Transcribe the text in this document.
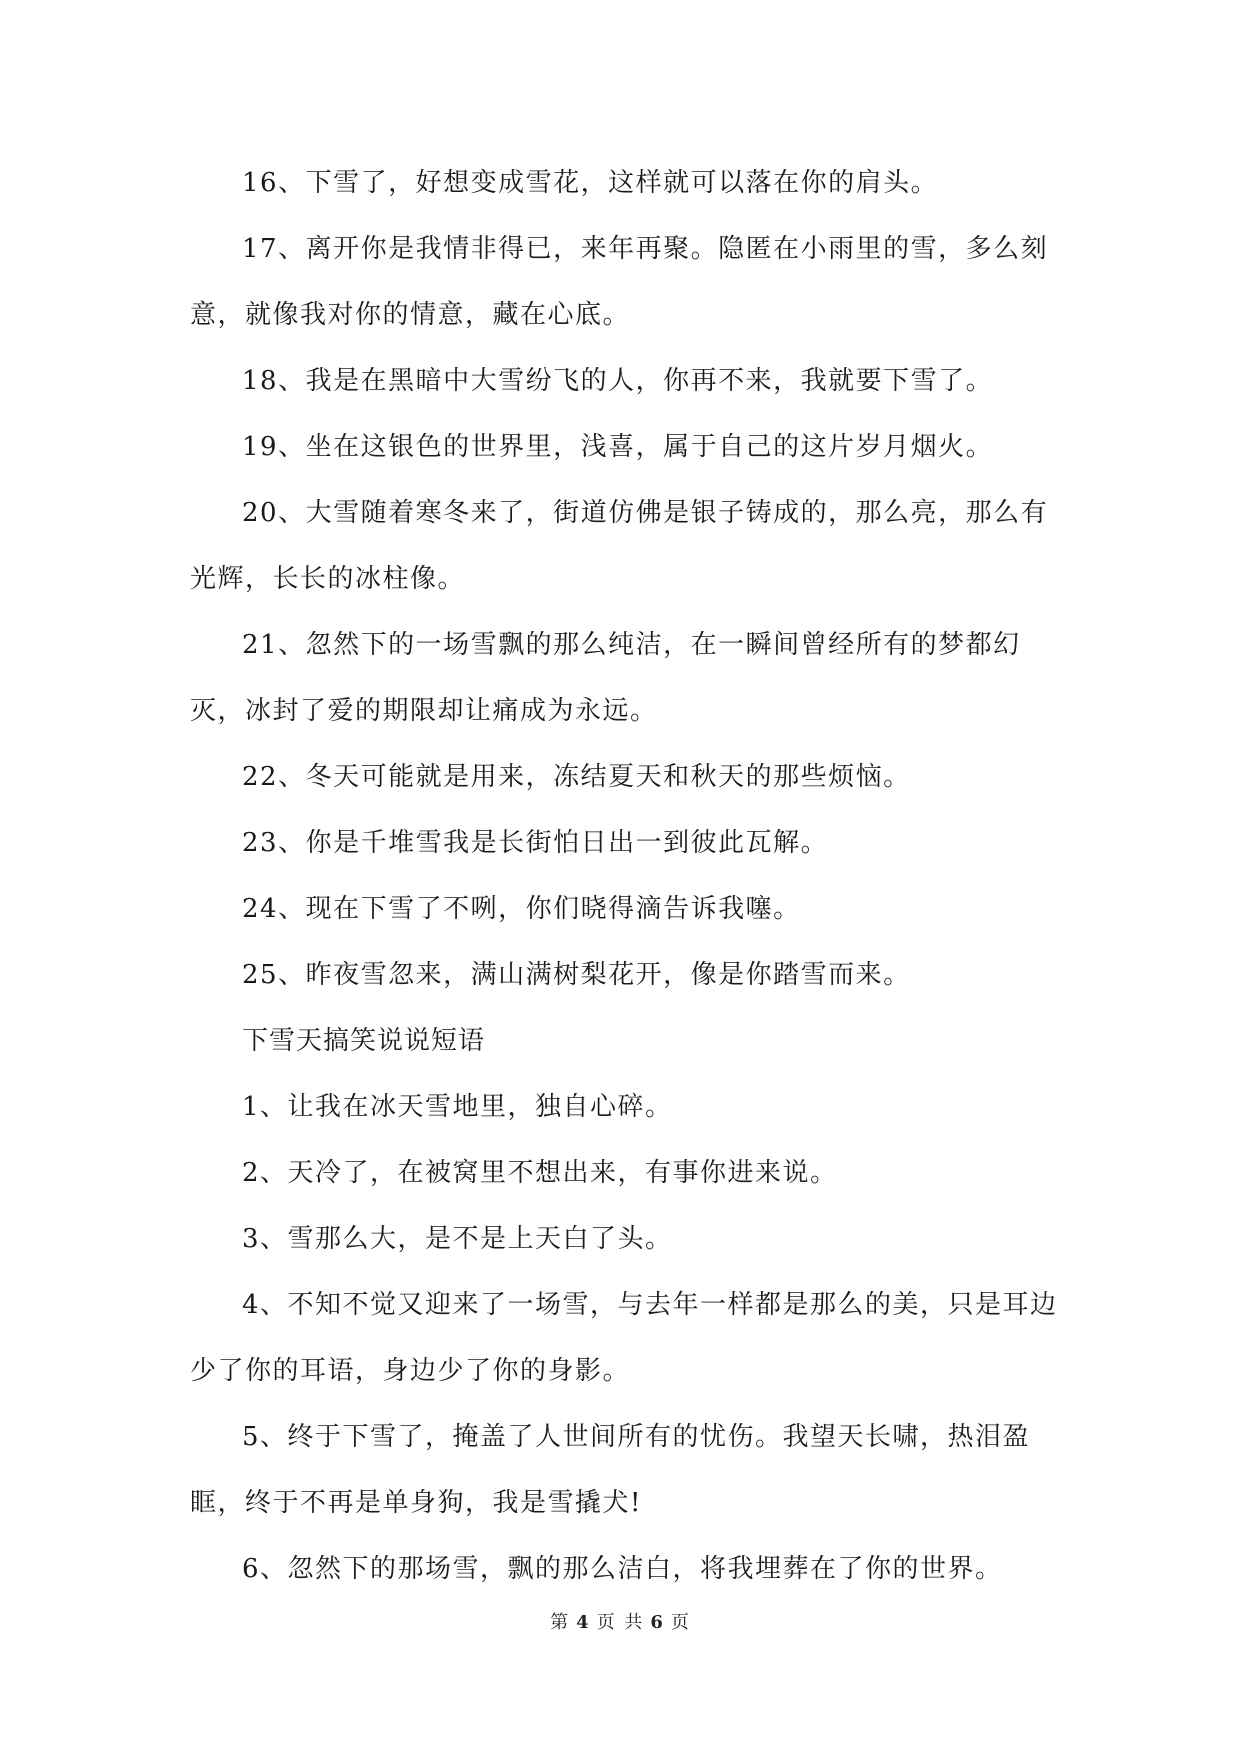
16、下雪了，好想变成雪花，这样就可以落在你的肩头。

17、离开你是我情非得已，来年再聚。隐匿在小雨里的雪，多么刻意，就像我对你的情意，藏在心底。

18、我是在黑暗中大雪纷飞的人，你再不来，我就要下雪了。

19、坐在这银色的世界里，浅喜，属于自己的这片岁月烟火。

20、大雪随着寒冬来了，街道仿佛是银子铸成的，那么亮，那么有光辉，长长的冰柱像。

21、忽然下的一场雪飘的那么纯洁，在一瞬间曾经所有的梦都幻灭，冰封了爱的期限却让痛成为永远。

22、冬天可能就是用来，冻结夏天和秋天的那些烦恼。

23、你是千堆雪我是长街怕日出一到彼此瓦解。

24、现在下雪了不咧，你们晓得滴告诉我噻。

25、昨夜雪忽来，满山满树梨花开，像是你踏雪而来。

下雪天搞笑说说短语

1、让我在冰天雪地里，独自心碎。

2、天冷了，在被窝里不想出来，有事你进来说。

3、雪那么大，是不是上天白了头。

4、不知不觉又迎来了一场雪，与去年一样都是那么的美，只是耳边少了你的耳语，身边少了你的身影。

5、终于下雪了，掩盖了人世间所有的忧伤。我望天长啸，热泪盈眶，终于不再是单身狗，我是雪撬犬!

6、忽然下的那场雪，飘的那么洁白，将我埋葬在了你的世界。

第 4 页 共 6 页
